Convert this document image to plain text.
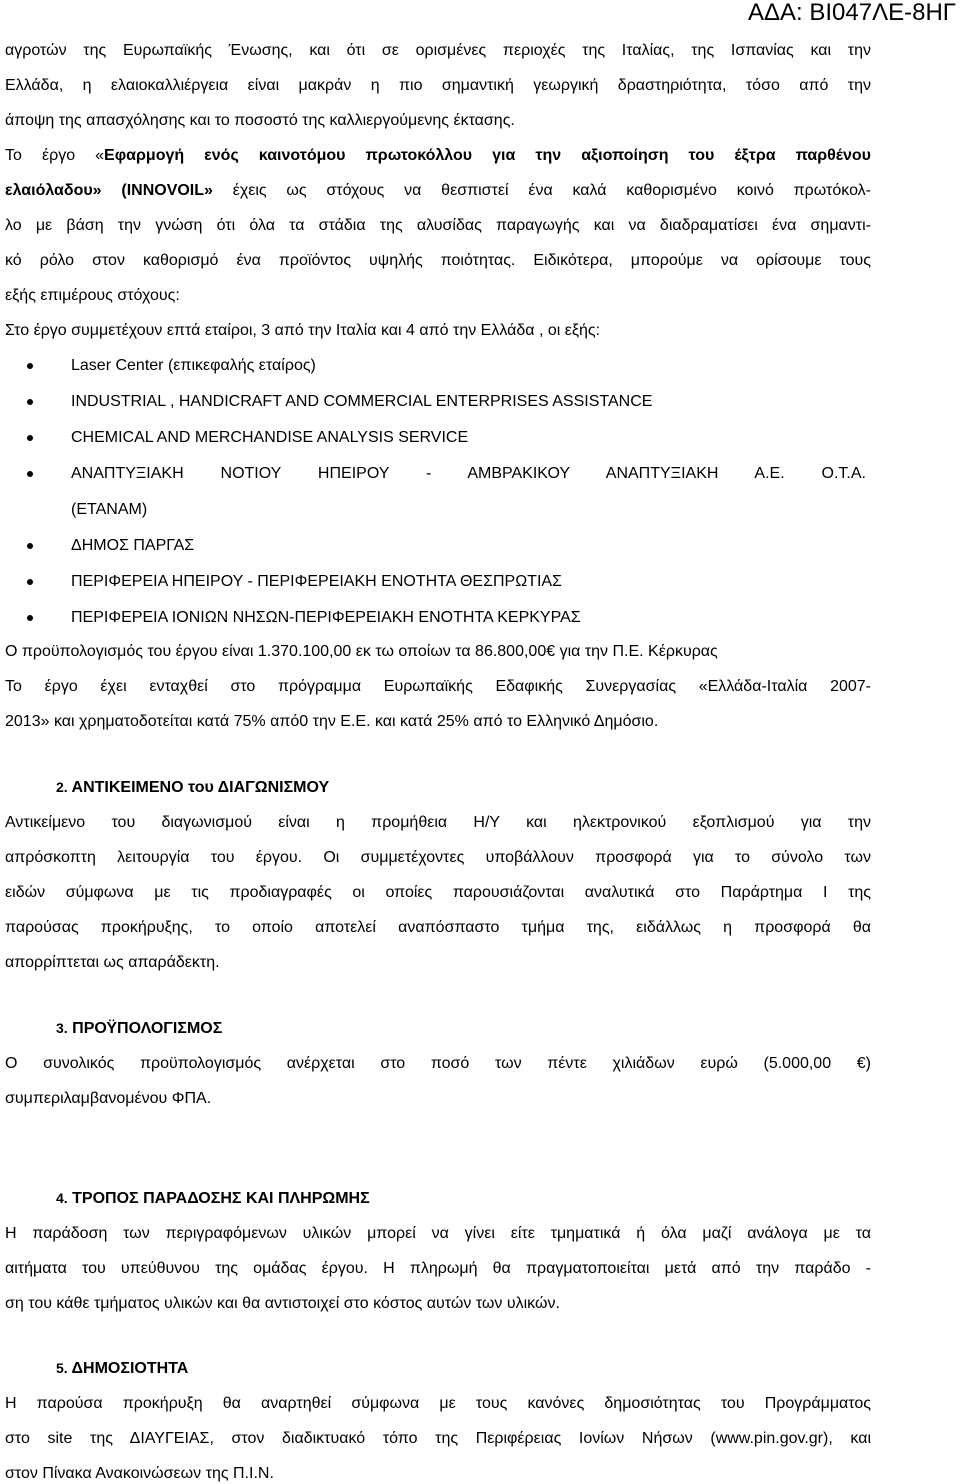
ΑΔΑ: ΒΙ047ΛΕ-8ΗΓ

αγροτών της Ευρωπαϊκής Ένωσης, και ότι σε ορισμένες περιοχές της Ιταλίας, της Ισπανίας και την

Ελλάδα, η ελαιοκαλλιέργεια είναι μακράν η πιο σημαντική γεωργική δραστηριότητα, τόσο από την

άποψη της απασχόλησης και το ποσοστό της καλλιεργούμενης έκτασης.

Το έργο «Εφαρμογή ενός καινοτόμου πρωτοκόλλου για την αξιοποίηση του έξτρα παρθένου

ελαιόλαδου» (INNOVOIL» έχεις ως στόχους να θεσπιστεί ένα καλά καθορισμένο κοινό πρωτόκολ-

λο με βάση την γνώση ότι όλα τα στάδια της αλυσίδας παραγωγής και να διαδραματίσει ένα σημαντι-

κό ρόλο στον καθορισμό ένα προϊόντος υψηλής ποιότητας. Ειδικότερα, μπορούμε να ορίσουμε τους

εξής επιμέρους στόχους:

Στο έργο συμμετέχουν επτά εταίροι, 3 από την Ιταλία και 4 από την Ελλάδα , οι εξής:

Laser Center (επικεφαλής εταίρος)
INDUSTRIAL , HANDICRAFT AND COMMERCIAL ENTERPRISES ASSISTANCE
CHEMICAL AND MERCHANDISE ANALYSIS SERVICE
ΑΝΑΠΤΥΞΙΑΚΗ ΝΟΤΙΟΥ ΗΠΕΙΡΟΥ - ΑΜΒΡΑΚΙΚΟΥ ΑΝΑΠΤΥΞΙΑΚΗ Α.Ε. Ο.Τ.Α.
(ΕΤΑΝΑΜ)
ΔΗΜΟΣ ΠΑΡΓΑΣ
ΠΕΡΙΦΕΡΕΙΑ ΗΠΕΙΡΟΥ - ΠΕΡΙΦΕΡΕΙΑΚΗ ΕΝΟΤΗΤΑ ΘΕΣΠΡΩΤΙΑΣ
ΠΕΡΙΦΕΡΕΙΑ ΙΟΝΙΩΝ ΝΗΣΩΝ-ΠΕΡΙΦΕΡΕΙΑΚΗ ΕΝΟΤΗΤΑ ΚΕΡΚΥΡΑΣ

Ο προϋπολογισμός του έργου είναι 1.370.100,00 εκ τω οποίων τα 86.800,00€ για την Π.Ε. Κέρκυρας

Το έργο έχει ενταχθεί στο πρόγραμμα Ευρωπαϊκής Εδαφικής Συνεργασίας «Ελλάδα-Ιταλία 2007-

2013» και χρηματοδοτείται κατά 75% από0 την Ε.Ε. και κατά 25% από το Ελληνικό Δημόσιο.

2. ΑΝΤΙΚΕΙΜΕΝΟ του ΔΙΑΓΩΝΙΣΜΟΥ

Αντικείμενο του διαγωνισμού είναι η προμήθεια Η/Υ και ηλεκτρονικού εξοπλισμού για την

απρόσκοπτη λειτουργία του έργου. Οι συμμετέχοντες υποβάλλουν προσφορά για το σύνολο των

ειδών σύμφωνα με τις προδιαγραφές οι οποίες παρουσιάζονται αναλυτικά στο Παράρτημα Ι της

παρούσας προκήρυξης, το οποίο αποτελεί αναπόσπαστο τμήμα της, ειδάλλως η προσφορά θα

απορρίπτεται ως απαράδεκτη.

3. ΠΡΟΫΠΟΛΟΓΙΣΜΟΣ

Ο συνολικός προϋπολογισμός ανέρχεται στο ποσό των πέντε χιλιάδων ευρώ (5.000,00 €)

συμπεριλαμβανομένου ΦΠΑ.

4. ΤΡΟΠΟΣ ΠΑΡΑΔΟΣΗΣ ΚΑΙ ΠΛΗΡΩΜΗΣ

Η παράδοση των περιγραφόμενων υλικών μπορεί να γίνει είτε τμηματικά ή όλα μαζί ανάλογα με τα

αιτήματα του υπεύθυνου της ομάδας έργου. Η πληρωμή θα πραγματοποιείται μετά από την παράδο -

ση του κάθε τμήματος υλικών και θα αντιστοιχεί στο κόστος αυτών των υλικών.

5. ΔΗΜΟΣΙΟΤΗΤΑ

Η παρούσα προκήρυξη θα αναρτηθεί σύμφωνα με τους κανόνες δημοσιότητας του Προγράμματος

στο site της ΔΙΑΥΓΕΙΑΣ, στον διαδικτυακό τόπο της Περιφέρειας Ιονίων Νήσων (www.pin.gov.gr), και

στον Πίνακα Ανακοινώσεων της Π.Ι.Ν.
